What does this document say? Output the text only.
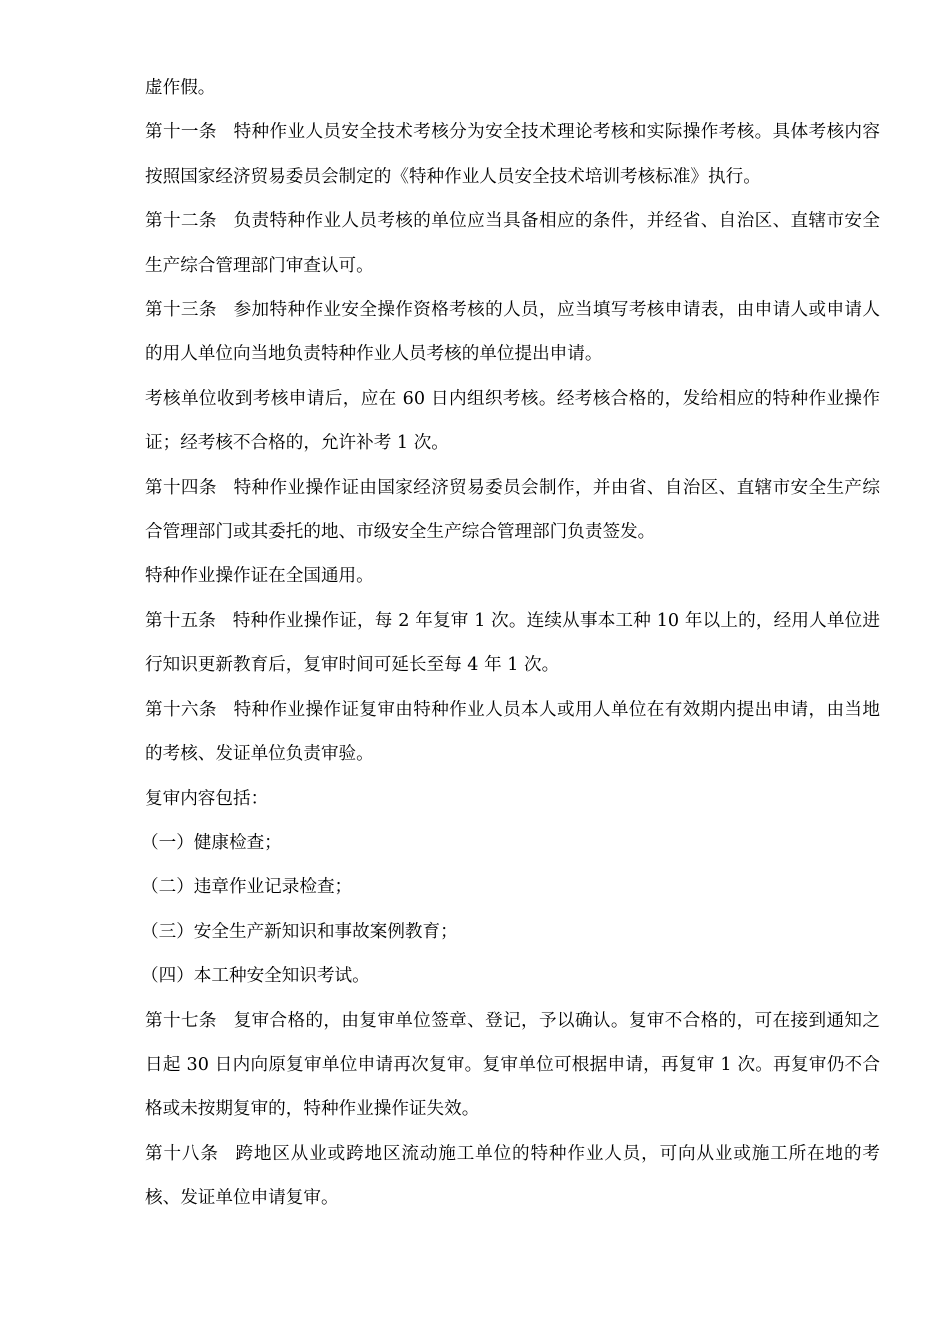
虚作假。

第十一条 特种作业人员安全技术考核分为安全技术理论考核和实际操作考核。具体考核内容按照国家经济贸易委员会制定的《特种作业人员安全技术培训考核标准》执行。

第十二条 负责特种作业人员考核的单位应当具备相应的条件，并经省、自治区、直辖市安全生产综合管理部门审查认可。

第十三条 参加特种作业安全操作资格考核的人员，应当填写考核申请表，由申请人或申请人的用人单位向当地负责特种作业人员考核的单位提出申请。

考核单位收到考核申请后，应在 60 日内组织考核。经考核合格的，发给相应的特种作业操作证；经考核不合格的，允许补考 1 次。

第十四条 特种作业操作证由国家经济贸易委员会制作，并由省、自治区、直辖市安全生产综合管理部门或其委托的地、市级安全生产综合管理部门负责签发。

特种作业操作证在全国通用。

第十五条 特种作业操作证，每 2 年复审 1 次。连续从事本工种 10 年以上的，经用人单位进行知识更新教育后，复审时间可延长至每 4 年 1 次。

第十六条 特种作业操作证复审由特种作业人员本人或用人单位在有效期内提出申请，由当地的考核、发证单位负责审验。

复审内容包括：

（一）健康检查；

（二）违章作业记录检查；

（三）安全生产新知识和事故案例教育；

（四）本工种安全知识考试。

第十七条 复审合格的，由复审单位签章、登记，予以确认。复审不合格的，可在接到通知之日起 30 日内向原复审单位申请再次复审。复审单位可根据申请，再复审 1 次。再复审仍不合格或未按期复审的，特种作业操作证失效。

第十八条 跨地区从业或跨地区流动施工单位的特种作业人员，可向从业或施工所在地的考核、发证单位申请复审。
